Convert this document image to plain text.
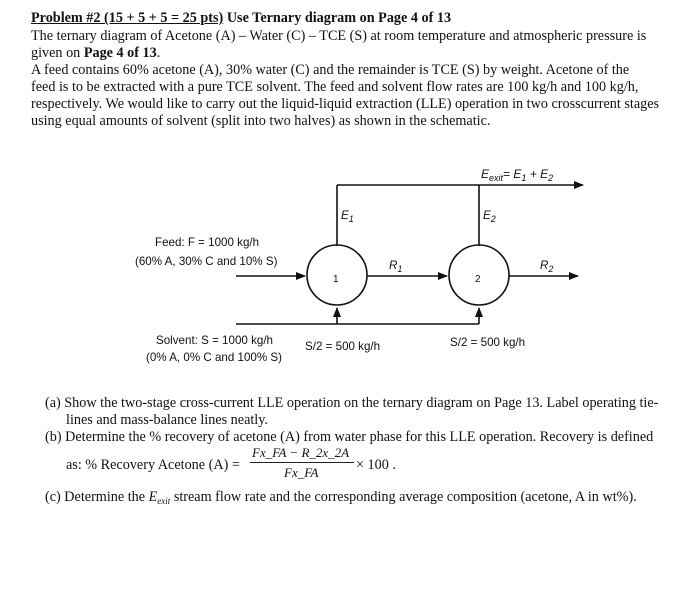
Problem #2 (15 + 5 + 5 = 25 pts) Use Ternary diagram on Page 4 of 13
The ternary diagram of Acetone (A) – Water (C) – TCE (S) at room temperature and atmospheric pressure is
given on Page 4 of 13.
A feed contains 60% acetone (A), 30% water (C) and the remainder is TCE (S) by weight. Acetone of the
feed is to be extracted with a pure TCE solvent. The feed and solvent flow rates are 100 kg/h and 100 kg/h,
respectively. We would like to carry out the liquid-liquid extraction (LLE) operation in two crosscurrent stages
using equal amounts of solvent (split into two halves) as shown in the schematic.
$E_{exit}= E_1 + E_2$
$E_1$	$E_2$
$R_1$	$R_2$
1	2
Feed: F = 1000 kg/h
(60% A, 30% C and 10% S)
Solvent: S = 1000 kg/h
(0% A, 0% C and 100% S)
S/2 = 500 kg/h	S/2 = 500 kg/h
(a) Show the two-stage cross-current LLE operation on the ternary diagram on Page 13. Label operating tie-
lines and mass-balance lines neatly.
(b) Determine the % recovery of acetone (A) from water phase for this LLE operation. Recovery is defined
as: % Recovery Acetone (A) =
Fx_FA − R_2x_2A
Fx_FA	× 100 .
(c) Determine the $E_{exit}$ stream flow rate and the corresponding average composition (acetone, A in wt%).
